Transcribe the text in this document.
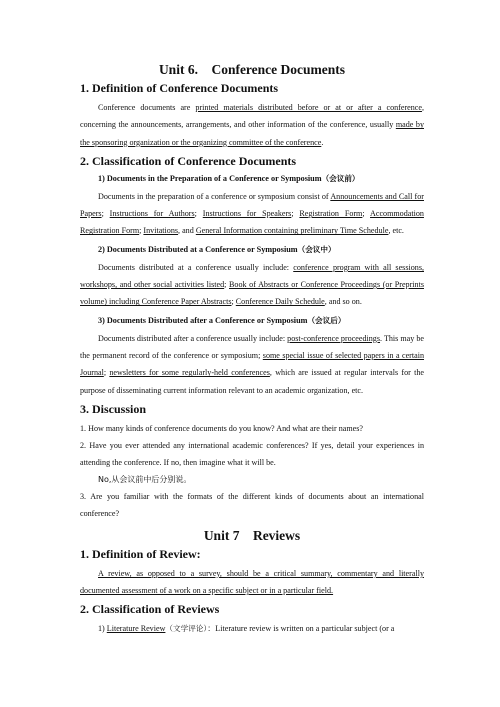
Unit 6.    Conference Documents
1. Definition of Conference Documents

Conference documents are printed materials distributed before or at or after a conference, concerning the announcements, arrangements, and other information of the conference, usually made by the sponsoring organization or the organizing committee of the conference.

2. Classification of Conference Documents
1) Documents in the Preparation of a Conference or Symposium（会议前）

Documents in the preparation of a conference or symposium consist of Announcements and Call for Papers; Instructions for Authors; Instructions for Speakers; Registration Form; Accommodation Registration Form; Invitations, and General Information containing preliminary Time Schedule, etc.

2) Documents Distributed at a Conference or Symposium（会议中）

Documents distributed at a conference usually include: conference program with all sessions, workshops, and other social activities listed; Book of Abstracts or Conference Proceedings (or Preprints volume) including Conference Paper Abstracts; Conference Daily Schedule, and so on.

3) Documents Distributed after a Conference or Symposium（会议后）

Documents distributed after a conference usually include: post-conference proceedings. This may be the permanent record of the conference or symposium; some special issue of selected papers in a certain Journal; newsletters for some regularly-held conferences, which are issued at regular intervals for the purpose of disseminating current information relevant to an academic organization, etc.

3. Discussion

1. How many kinds of conference documents do you know? And what are their names?

2. Have you ever attended any international academic conferences? If yes, detail your experiences in attending the conference. If no, then imagine what it will be.

No,从会议前中后分别说。

3. Are you familiar with the formats of the different kinds of documents about an international conference?

Unit 7    Reviews
1. Definition of Review:

A review, as opposed to a survey, should be a critical summary, commentary and literally documented assessment of a work on a specific subject or in a particular field.

2. Classification of Reviews

1) Literature Review（文学评论）：Literature review is written on a particular subject (or a
